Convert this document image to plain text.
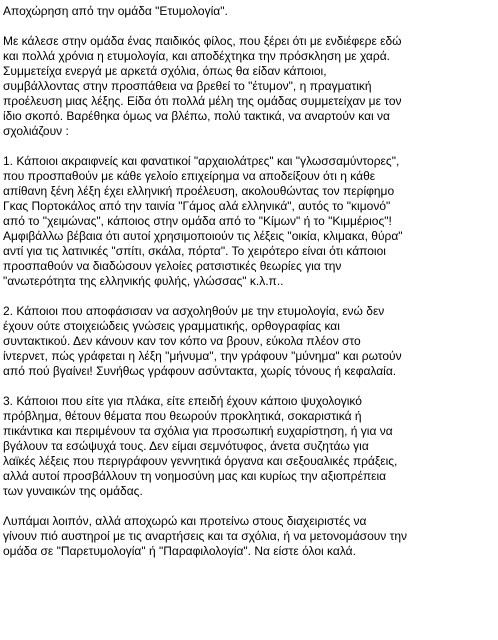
Αποχώρηση από την ομάδα "Ετυμολογία".

Με κάλεσε στην ομάδα ένας παιδικός φίλος, που ξέρει ότι με ενδιέφερε εδώ
και πολλά χρόνια η ετυμολογία, και αποδέχτηκα την πρόσκληση με χαρά.
Συμμετείχα ενεργά με αρκετά σχόλια, όπως θα είδαν κάποιοι,
συμβάλλοντας στην προσπάθεια να βρεθεί το "έτυμον", η πραγματική
προέλευση μιας λέξης. Είδα ότι πολλά μέλη της ομάδας συμμετείχαν με τον
ίδιο σκοπό. Βαρέθηκα όμως να βλέπω, πολύ τακτικά, να αναρτούν και να
σχολιάζουν :

1. Κάποιοι ακραιφνείς και φανατικοί "αρχαιολάτρες" και "γλωσσαμύντορες",
που προσπαθούν με κάθε γελοίο επιχείρημα να αποδείξουν ότι η κάθε
απίθανη ξένη λέξη έχει ελληνική προέλευση, ακολουθώντας τον περίφημο
Γκας Πορτοκάλος από την ταινία "Γάμος αλά ελληνικά", αυτός το "κιμονό"
από το "χειμώνας", κάποιος στην ομάδα από το "Κίμων" ή το "Κιμμέριος"!
Αμφιβάλλω βέβαια ότι αυτοί χρησιμοποιούν τις λέξεις "οικία, κλιμακα, θύρα"
αντί για τις λατινικές "σπίτι, σκάλα, πόρτα". Το χειρότερο είναι ότι κάποιοι
προσπαθούν να διαδώσουν γελοίες ρατσιστικές θεωρίες για την
"ανωτερότητα της ελληνικής φυλής, γλώσσας" κ.λ.π..

2. Κάποιοι που αποφάσισαν να ασχοληθούν με την ετυμολογία, ενώ δεν
έχουν ούτε στοιχειώδεις γνώσεις γραμματικής, ορθογραφίας και
συντακτικού. Δεν κάνουν καν τον κόπο να βρουν, εύκολα πλέον στο
ίντερνετ, πώς γράφεται η λέξη "μήνυμα", την γράφουν "μύνημα" και ρωτούν
από πού βγαίνει! Συνήθως γράφουν ασύντακτα, χωρίς τόνους ή κεφαλαία.

3. Κάποιοι που είτε για πλάκα, είτε επειδή έχουν κάποιο ψυχολογικό
πρόβλημα, θέτουν θέματα που θεωρούν προκλητικά, σοκαριστικά ή
πικάντικα και περιμένουν τα σχόλια για προσωπική ευχαρίστηση, ή για να
βγάλουν τα εσώψυχά τους. Δεν είμαι σεμνότυφος, άνετα συζητάω για
λαϊκές λέξεις που περιγράφουν γεννητικά όργανα και σεξουαλικές πράξεις,
αλλά αυτοί προσβάλλουν τη νοημοσύνη μας και κυρίως την αξιοπρέπεια
των γυναικών της ομάδας.

Λυπάμαι λοιπόν, αλλά αποχωρώ και προτείνω στους διαχειριστές να
γίνουν πιό αυστηροί με τις αναρτήσεις και τα σχόλια, ή να μετονομάσουν την
ομάδα σε "Παρετυμολογία" ή "Παραφιλολογία". Να είστε όλοι καλά.
